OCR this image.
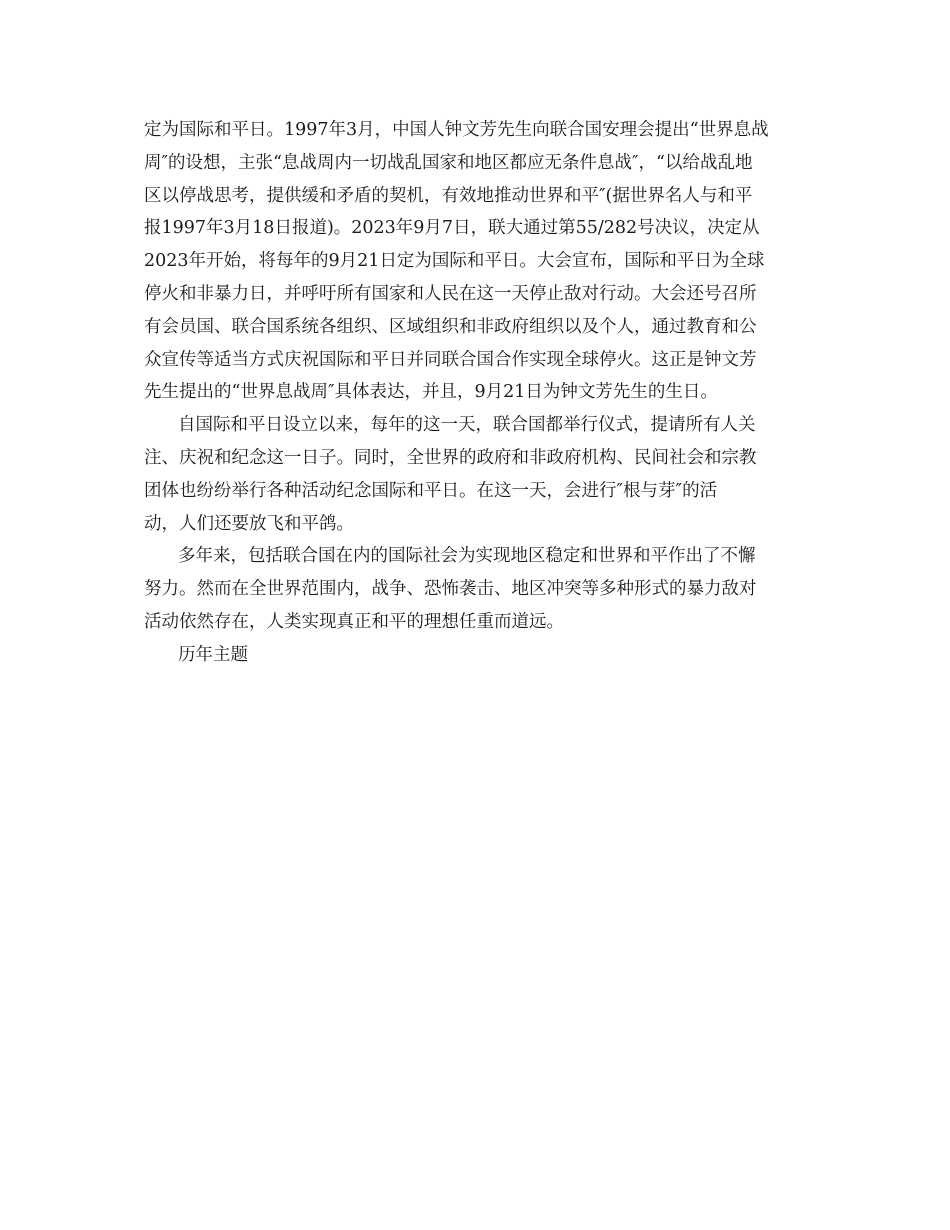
定为国际和平日。1997年3月，中国人钟文芳先生向联合国安理会提出“世界息战
周″的设想，主张“息战周内一切战乱国家和地区都应无条件息战″，“以给战乱地
区以停战思考，提供缓和矛盾的契机，有效地推动世界和平″(据世界名人与和平
报1997年3月18日报道)。2023年9月7日，联大通过第55/282号决议，决定从
2023年开始，将每年的9月21日定为国际和平日。大会宣布，国际和平日为全球
停火和非暴力日，并呼吁所有国家和人民在这一天停止敌对行动。大会还号召所
有会员国、联合国系统各组织、区域组织和非政府组织以及个人，通过教育和公
众宣传等适当方式庆祝国际和平日并同联合国合作实现全球停火。这正是钟文芳
先生提出的“世界息战周″具体表达，并且，9月21日为钟文芳先生的生日。
自国际和平日设立以来，每年的这一天，联合国都举行仪式，提请所有人关
注、庆祝和纪念这一日子。同时，全世界的政府和非政府机构、民间社会和宗教
团体也纷纷举行各种活动纪念国际和平日。在这一天，会进行″根与芽″的活
动，人们还要放飞和平鸽。
多年来，包括联合国在内的国际社会为实现地区稳定和世界和平作出了不懈
努力。然而在全世界范围内，战争、恐怖袭击、地区冲突等多种形式的暴力敌对
活动依然存在，人类实现真正和平的理想任重而道远。
历年主题
